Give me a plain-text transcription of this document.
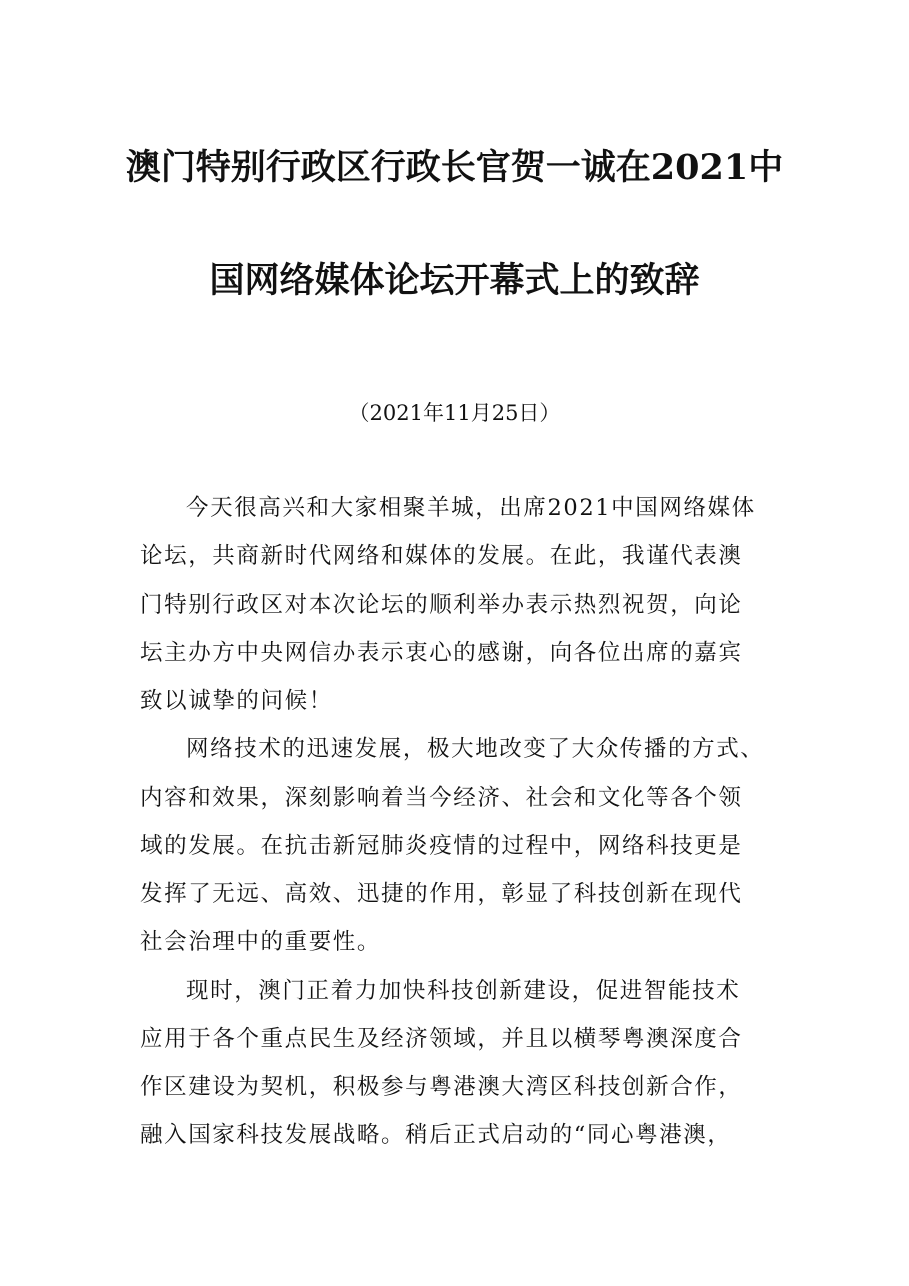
澳门特别行政区行政长官贺一诚在2021中
国网络媒体论坛开幕式上的致辞
（2021年11月25日）
今天很高兴和大家相聚羊城，出席2021中国网络媒体
论坛，共商新时代网络和媒体的发展。在此，我谨代表澳
门特别行政区对本次论坛的顺利举办表示热烈祝贺，向论
坛主办方中央网信办表示衷心的感谢，向各位出席的嘉宾
致以诚挚的问候！
网络技术的迅速发展，极大地改变了大众传播的方式、
内容和效果，深刻影响着当今经济、社会和文化等各个领
域的发展。在抗击新冠肺炎疫情的过程中，网络科技更是
发挥了无远、高效、迅捷的作用，彰显了科技创新在现代
社会治理中的重要性。
现时，澳门正着力加快科技创新建设，促进智能技术
应用于各个重点民生及经济领域，并且以横琴粤澳深度合
作区建设为契机，积极参与粤港澳大湾区科技创新合作，
融入国家科技发展战略。稍后正式启动的“同心粤港澳，
